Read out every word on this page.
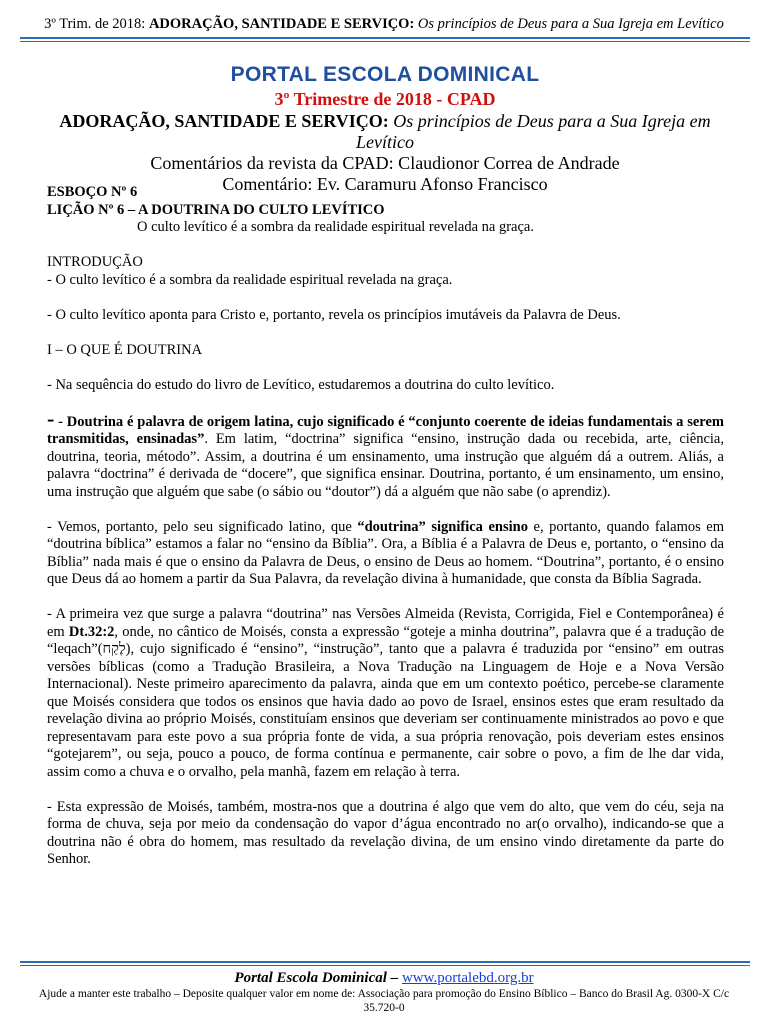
3º Trim. de 2018: ADORAÇÃO, SANTIDADE E SERVIÇO: Os princípios de Deus para a Sua Igreja em Levítico
PORTAL ESCOLA DOMINICAL
3º Trimestre de 2018 - CPAD
ADORAÇÃO, SANTIDADE E SERVIÇO: Os princípios de Deus para a Sua Igreja em Levítico
Comentários da revista da CPAD: Claudionor Correa de Andrade
Comentário: Ev. Caramuru Afonso Francisco

ESBOÇO Nº 6

LIÇÃO Nº 6 – A DOUTRINA DO CULTO LEVÍTICO

O culto levítico é a sombra da realidade espiritual revelada na graça.

INTRODUÇÃO

- O culto levítico é a sombra da realidade espiritual revelada na graça.

- O culto levítico aponta para Cristo e, portanto, revela os princípios imutáveis da Palavra de Deus.

I – O QUE É DOUTRINA

- Na sequência do estudo do livro de Levítico, estudaremos a doutrina do culto levítico.

- - Doutrina é palavra de origem latina, cujo significado é “conjunto coerente de ideias fundamentais a serem transmitidas, ensinadas”. Em latim, “doctrina” significa “ensino, instrução dada ou recebida, arte, ciência, doutrina, teoria, método”. Assim, a doutrina é um ensinamento, uma instrução que alguém dá a outrem. Aliás, a palavra “doctrina” é derivada de “docere”, que significa ensinar. Doutrina, portanto, é um ensinamento, um ensino, uma instrução que alguém que sabe (o sábio ou “doutor”) dá a alguém que não sabe (o aprendiz).

- Vemos, portanto, pelo seu significado latino, que “doutrina” significa ensino e, portanto, quando falamos em “doutrina bíblica” estamos a falar no “ensino da Bíblia”. Ora, a Bíblia é a Palavra de Deus e, portanto, o “ensino da Bíblia” nada mais é que o ensino da Palavra de Deus, o ensino de Deus ao homem. “Doutrina”, portanto, é o ensino que Deus dá ao homem a partir da Sua Palavra, da revelação divina à humanidade, que consta da Bíblia Sagrada.

- A primeira vez que surge a palavra “doutrina” nas Versões Almeida (Revista, Corrigida, Fiel e Contemporânea) é em Dt.32:2, onde, no cântico de Moisés, consta a expressão “goteje a minha doutrina”, palavra que é a tradução de “leqach”(לֶקַח), cujo significado é “ensino”, “instrução”, tanto que a palavra é traduzida por “ensino” em outras versões bíblicas (como a Tradução Brasileira, a Nova Tradução na Linguagem de Hoje e a Nova Versão Internacional). Neste primeiro aparecimento da palavra, ainda que em um contexto poético, percebe-se claramente que Moisés considera que todos os ensinos que havia dado ao povo de Israel, ensinos estes que eram resultado da revelação divina ao próprio Moisés, constituíam ensinos que deveriam ser continuamente ministrados ao povo e que representavam para este povo a sua própria fonte de vida, a sua própria renovação, pois deveriam estes ensinos “gotejarem”, ou seja, pouco a pouco, de forma contínua e permanente, cair sobre o povo, a fim de lhe dar vida, assim como a chuva e o orvalho, pela manhã, fazem em relação à terra.

- Esta expressão de Moisés, também, mostra-nos que a doutrina é algo que vem do alto, que vem do céu, seja na forma de chuva, seja por meio da condensação do vapor d’água encontrado no ar(o orvalho), indicando-se que a doutrina não é obra do homem, mas resultado da revelação divina, de um ensino vindo diretamente da parte do Senhor.

Portal Escola Dominical – www.portalebd.org.br
Ajude a manter este trabalho – Deposite qualquer valor em nome de: Associação para promoção do Ensino Bíblico – Banco do Brasil Ag. 0300-X C/c 35.720-0
